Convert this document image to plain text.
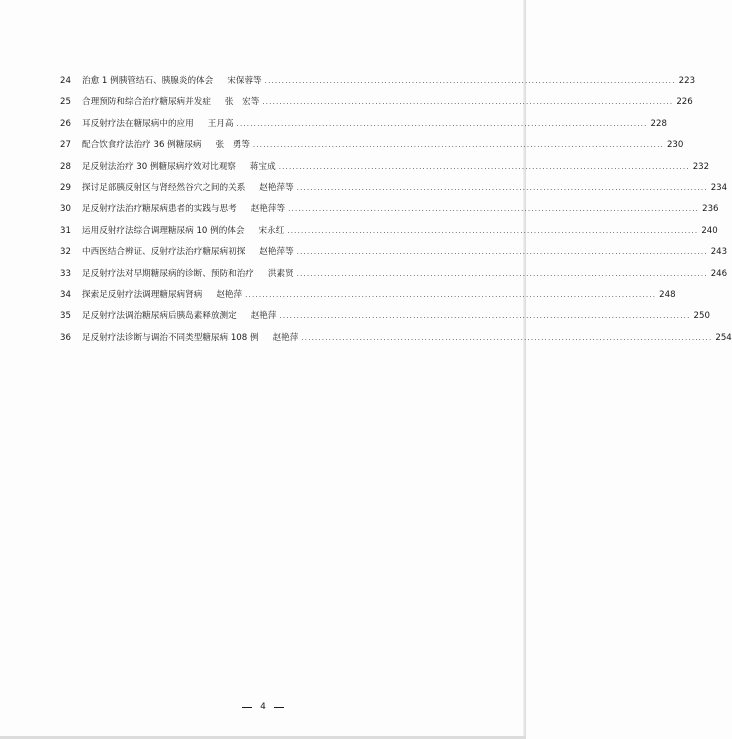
24	治愈 1 例胰管结石、胰腺炎的体会 宋保蓉等 ........................................................................................................................ 223
25	合理预防和综合治疗糖尿病并发症 张　宏等 ........................................................................................................................ 226
26	耳反射疗法在糖尿病中的应用 王月高 ........................................................................................................................ 228
27	配合饮食疗法治疗 36 例糖尿病 张　勇等 ........................................................................................................................ 230
28	足反射法治疗 30 例糖尿病疗效对比观察 蒋宝成 ........................................................................................................................ 232
29	探讨足部胰反射区与肾经然谷穴之间的关系 赵艳萍等 ........................................................................................................................ 234
30	足反射疗法治疗糖尿病患者的实践与思考 赵艳萍等 ........................................................................................................................ 236
31	运用反射疗法综合调理糖尿病 10 例的体会 宋永红 ........................................................................................................................ 240
32	中西医结合辨证、反射疗法治疗糖尿病初探 赵艳萍等 ........................................................................................................................ 243
33	足反射疗法对早期糖尿病的诊断、预防和治疗 洪素贤 ........................................................................................................................ 246
34	探索足反射疗法调理糖尿病肾病 赵艳萍 ........................................................................................................................ 248
35	足反射疗法调治糖尿病后胰岛素释放测定 赵艳萍 ........................................................................................................................ 250
36	足反射疗法诊断与调治不同类型糖尿病 108 例 赵艳萍 ........................................................................................................................ 254
4
